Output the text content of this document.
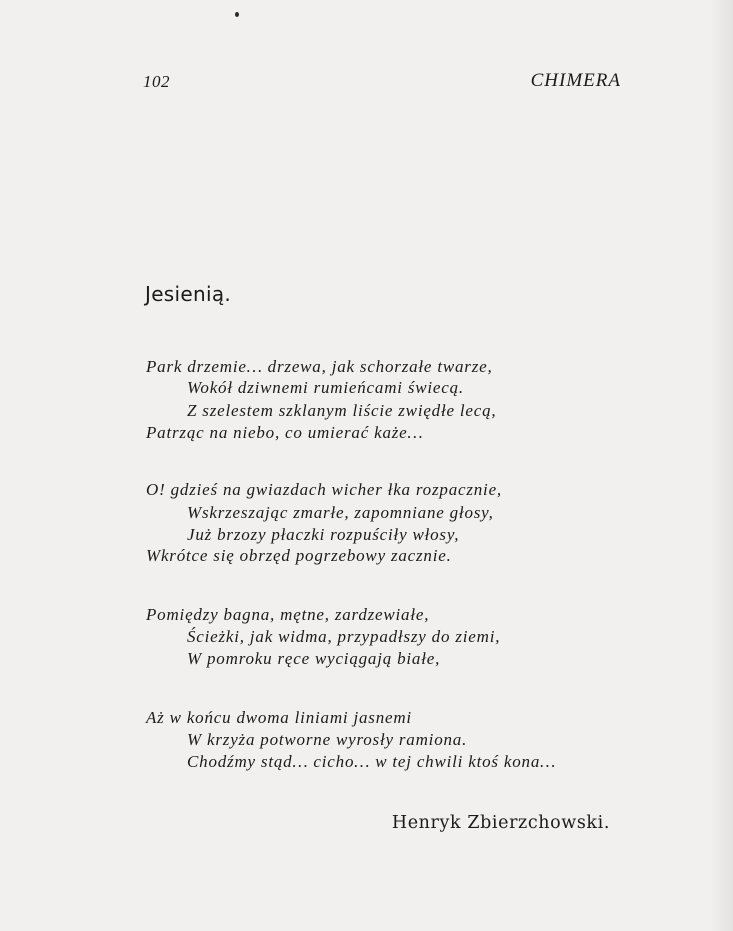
102	CHIMERA
Jesienią.
Park drzemie… drzewa, jak schorzałe twarze,
Wokół dziwnemi rumieńcami świecą.
Z szelestem szklanym liście zwiędłe lecą,
Patrząc na niebo, co umierać każe…
O! gdzieś na gwiazdach wicher łka rozpacznie,
Wskrzeszając zmarłe, zapomniane głosy,
Już brzozy płaczki rozpuściły włosy,
Wkrótce się obrzęd pogrzebowy zacznie.
Pomiędzy bagna, mętne, zardzewiałe,
Ścieżki, jak widma, przypadłszy do ziemi,
W pomroku ręce wyciągają białe,
Aż w końcu dwoma liniami jasnemi
W krzyża potworne wyrosły ramiona.
Chodźmy stąd… cicho… w tej chwili ktoś kona…
Henryk Zbierzchowski.
